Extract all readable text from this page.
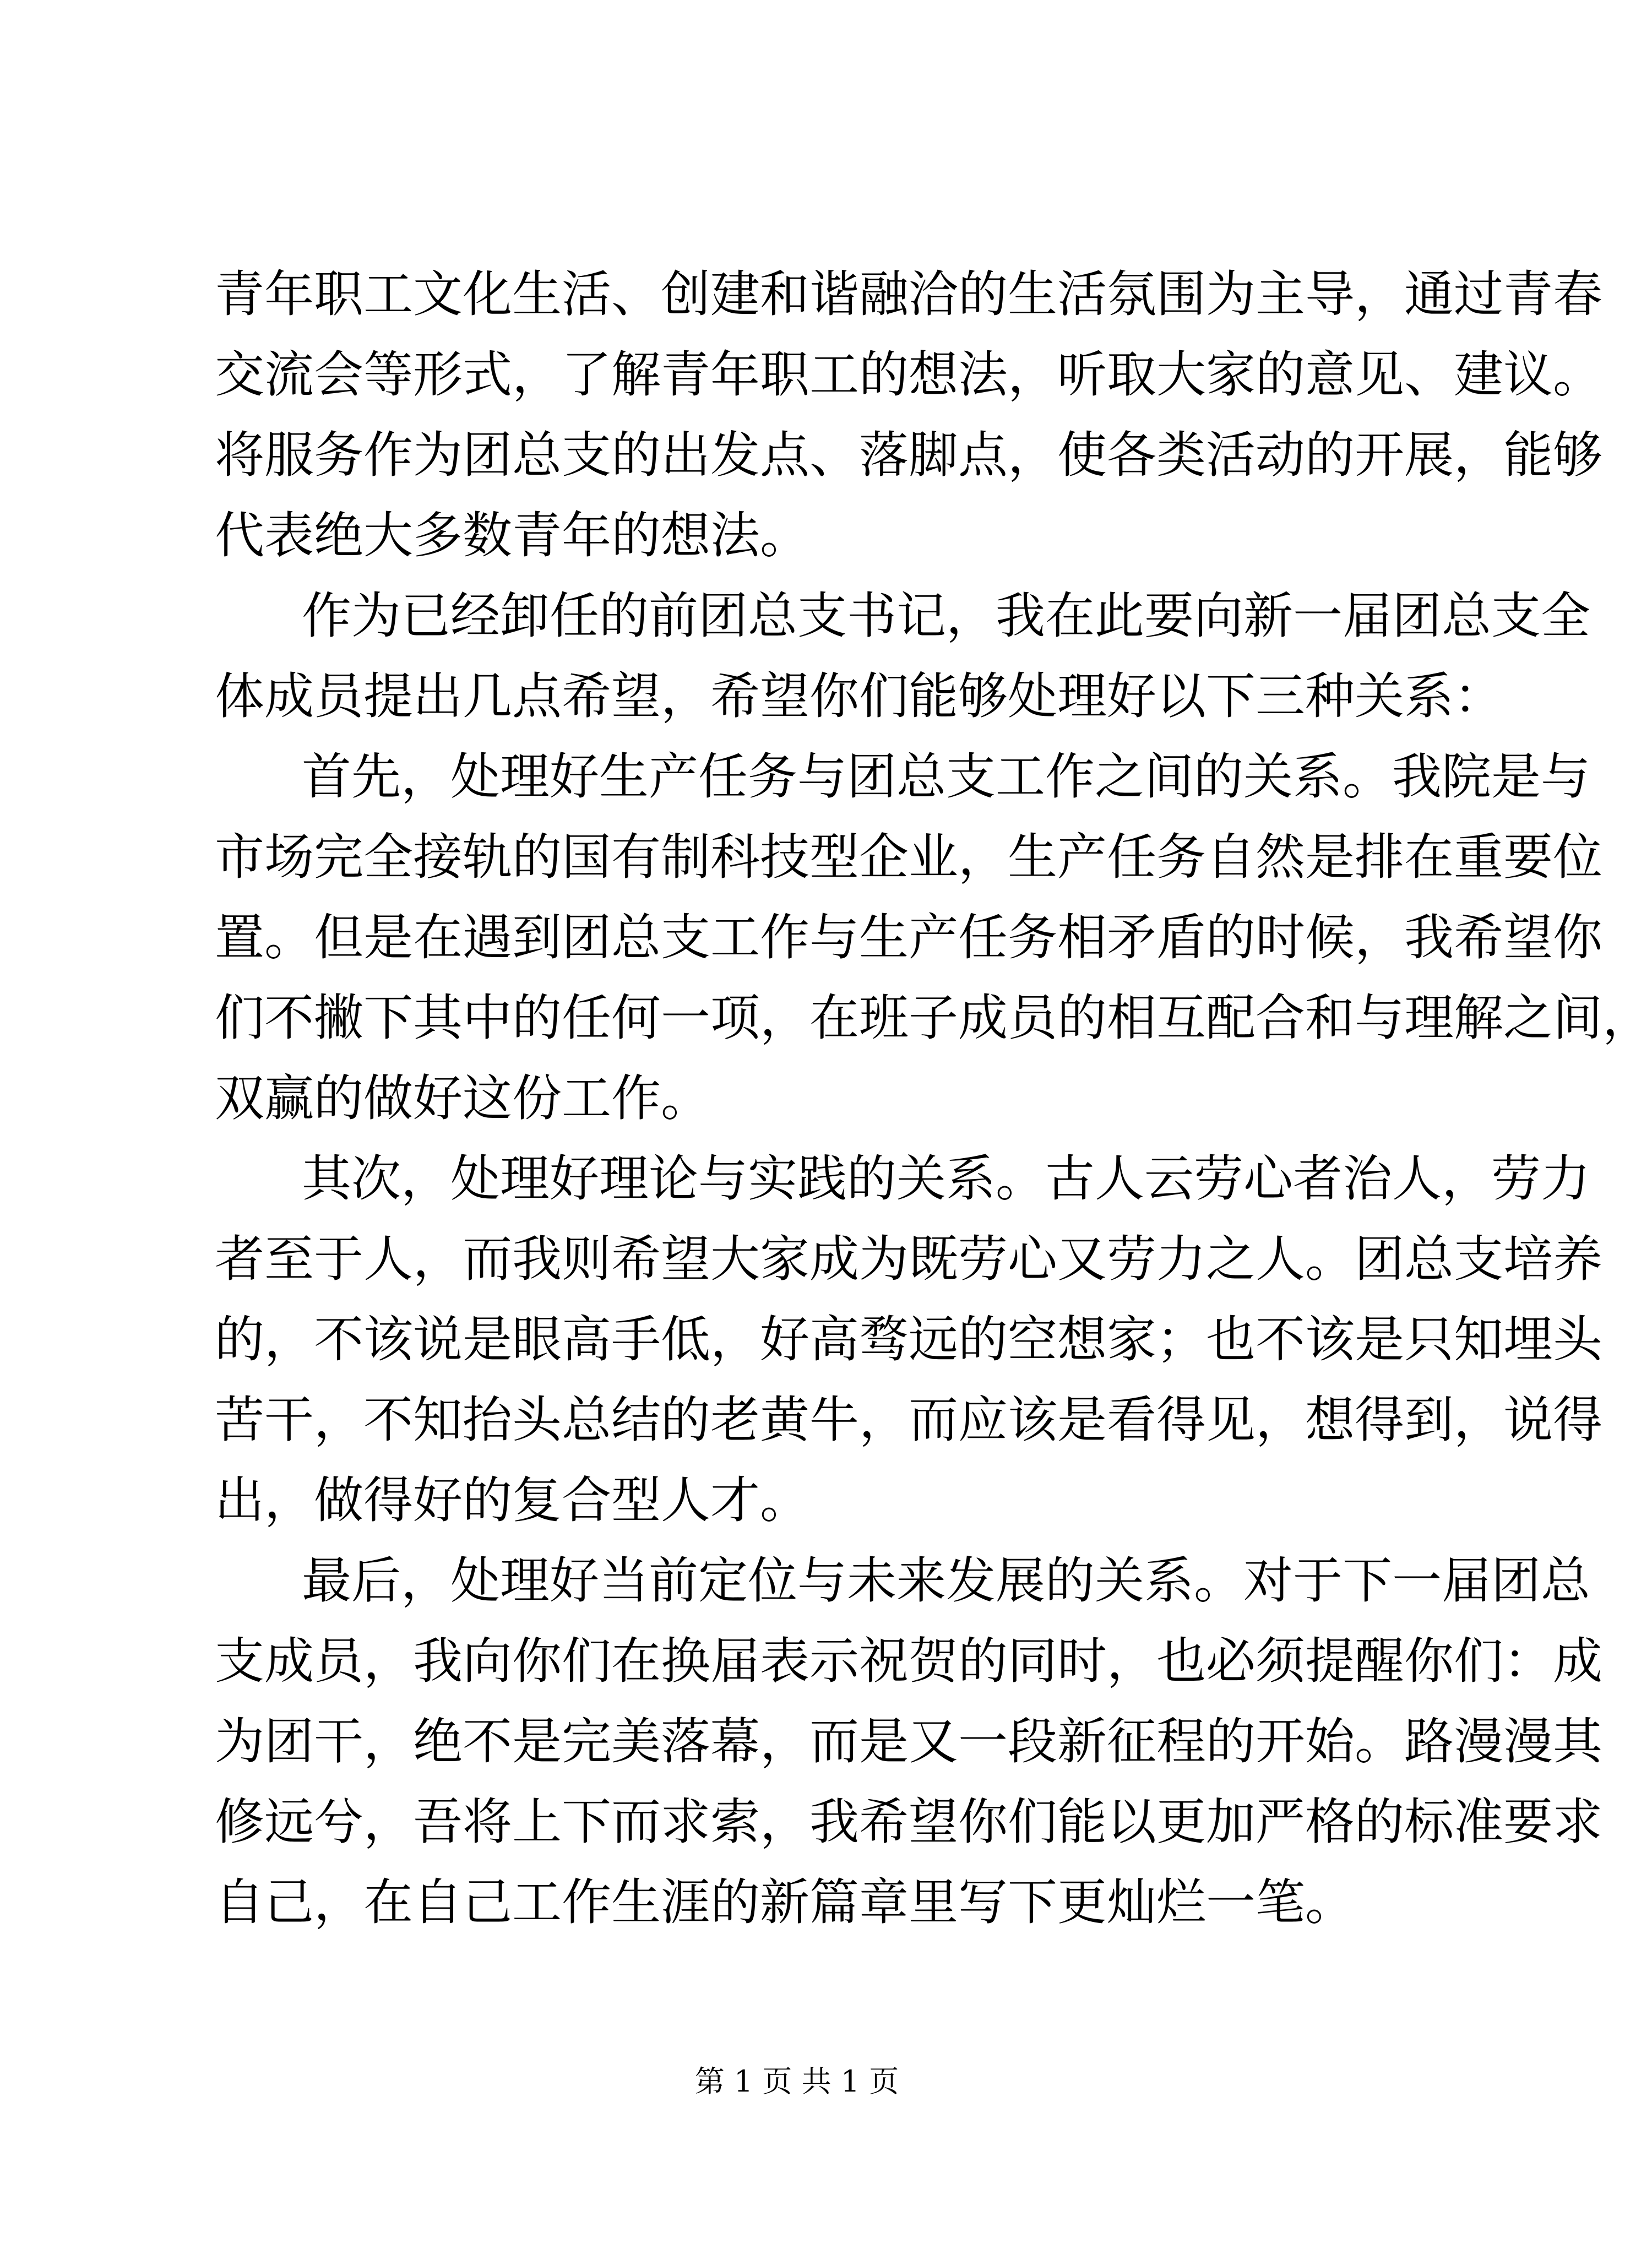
青年职工文化生活、创建和谐融洽的生活氛围为主导，通过青春
交流会等形式，了解青年职工的想法，听取大家的意见、建议。
将服务作为团总支的出发点、落脚点，使各类活动的开展，能够
代表绝大多数青年的想法。
作为已经卸任的前团总支书记，我在此要向新一届团总支全
体成员提出几点希望，希望你们能够处理好以下三种关系：
首先，处理好生产任务与团总支工作之间的关系。我院是与
市场完全接轨的国有制科技型企业，生产任务自然是排在重要位
置。但是在遇到团总支工作与生产任务相矛盾的时候，我希望你
们不撇下其中的任何一项，在班子成员的相互配合和与理解之间，
双赢的做好这份工作。
其次，处理好理论与实践的关系。古人云劳心者治人，劳力
者至于人，而我则希望大家成为既劳心又劳力之人。团总支培养
的，不该说是眼高手低，好高骛远的空想家；也不该是只知埋头
苦干，不知抬头总结的老黄牛，而应该是看得见，想得到，说得
出，做得好的复合型人才。
最后，处理好当前定位与未来发展的关系。对于下一届团总
支成员，我向你们在换届表示祝贺的同时，也必须提醒你们：成
为团干，绝不是完美落幕，而是又一段新征程的开始。路漫漫其
修远兮，吾将上下而求索，我希望你们能以更加严格的标准要求
自己，在自己工作生涯的新篇章里写下更灿烂一笔。
第 1 页 共 1 页
